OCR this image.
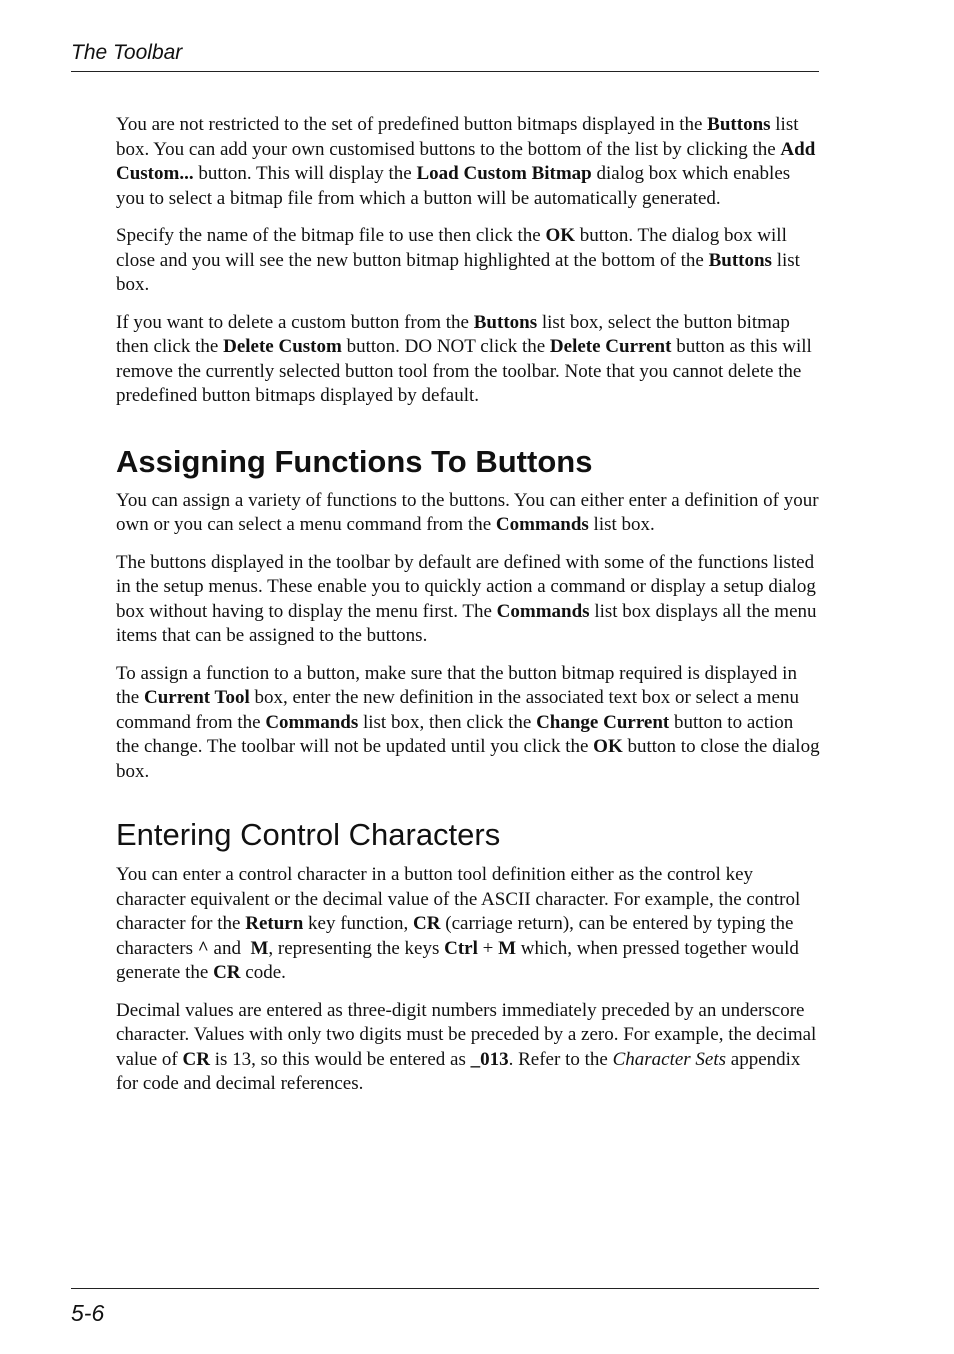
The Toolbar

You are not restricted to the set of predefined button bitmaps displayed in the Buttons list box. You can add your own customised buttons to the bottom of the list by clicking the Add Custom... button. This will display the Load Custom Bitmap dialog box which enables you to select a bitmap file from which a button will be automatically generated.

Specify the name of the bitmap file to use then click the OK button. The dialog box will close and you will see the new button bitmap highlighted at the bottom of the Buttons list box.

If you want to delete a custom button from the Buttons list box, select the button bitmap then click the Delete Custom button. DO NOT click the Delete Current button as this will remove the currently selected button tool from the toolbar. Note that you cannot delete the predefined button bitmaps displayed by default.

Assigning Functions To Buttons

You can assign a variety of functions to the buttons. You can either enter a definition of your own or you can select a menu command from the Commands list box.

The buttons displayed in the toolbar by default are defined with some of the functions listed in the setup menus. These enable you to quickly action a command or display a setup dialog box without having to display the menu first. The Commands list box displays all the menu items that can be assigned to the buttons.

To assign a function to a button, make sure that the button bitmap required is displayed in the Current Tool box, enter the new definition in the associated text box or select a menu command from the Commands list box, then click the Change Current button to action the change. The toolbar will not be updated until you click the OK button to close the dialog box.

Entering Control Characters

You can enter a control character in a button tool definition either as the control key character equivalent or the decimal value of the ASCII character. For example, the control character for the Return key function, CR (carriage return), can be entered by typing the characters ^ and  M, representing the keys Ctrl + M which, when pressed together would generate the CR code.

Decimal values are entered as three-digit numbers immediately preceded by an underscore character. Values with only two digits must be preceded by a zero. For example, the decimal value of CR is 13, so this would be entered as _013. Refer to the Character Sets appendix for code and decimal references.

5-6
